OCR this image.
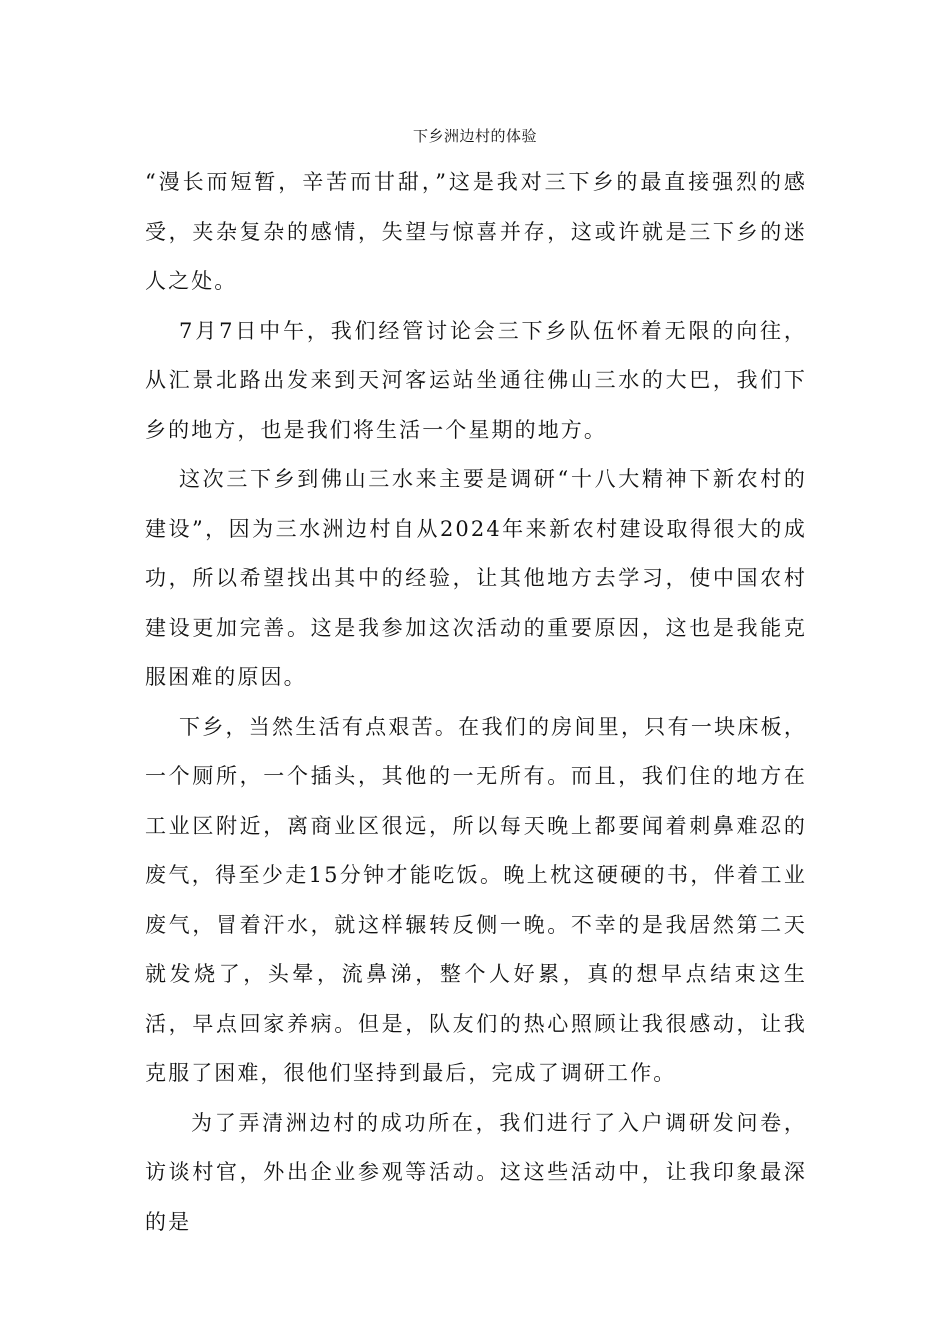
下乡洲边村的体验

“漫长而短暂，辛苦而甘甜，”这是我对三下乡的最直接强烈的感受，夹杂复杂的感情，失望与惊喜并存，这或许就是三下乡的迷人之处。

7月7日中午，我们经管讨论会三下乡队伍怀着无限的向往，从汇景北路出发来到天河客运站坐通往佛山三水的大巴，我们下乡的地方，也是我们将生活一个星期的地方。

这次三下乡到佛山三水来主要是调研“十八大精神下新农村的建设”，因为三水洲边村自从2024年来新农村建设取得很大的成功，所以希望找出其中的经验，让其他地方去学习，使中国农村建设更加完善。这是我参加这次活动的重要原因，这也是我能克服困难的原因。

下乡，当然生活有点艰苦。在我们的房间里，只有一块床板，一个厕所，一个插头，其他的一无所有。而且，我们住的地方在工业区附近，离商业区很远，所以每天晚上都要闻着刺鼻难忍的废气，得至少走15分钟才能吃饭。晚上枕这硬硬的书，伴着工业废气，冒着汗水，就这样辗转反侧一晚。不幸的是我居然第二天就发烧了，头晕，流鼻涕，整个人好累，真的想早点结束这生活，早点回家养病。但是，队友们的热心照顾让我很感动，让我克服了困难，很他们坚持到最后，完成了调研工作。

为了弄清洲边村的成功所在，我们进行了入户调研发问卷，访谈村官，外出企业参观等活动。这这些活动中，让我印象最深的是
